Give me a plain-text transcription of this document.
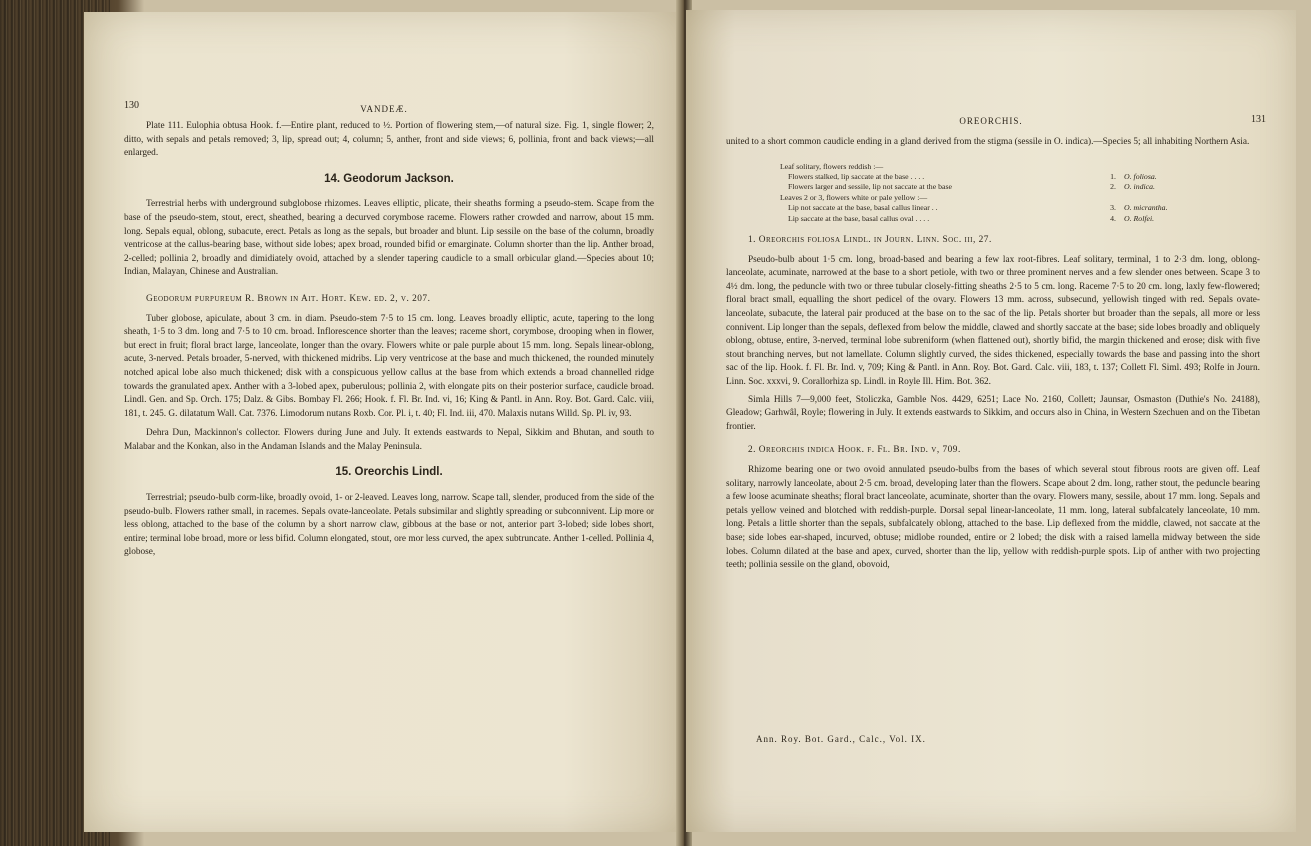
130	VANDEÆ.

Plate 111. Eulophia obtusa Hook. f.—Entire plant, reduced to ½. Portion of flowering stem,—of natural size. Fig. 1, single flower; 2, ditto, with sepals and petals removed; 3, lip, spread out; 4, column; 5, anther, front and side views; 6, pollinia, front and back views;—all enlarged.

14. Geodorum Jackson.

Terrestrial herbs with underground subglobose rhizomes. Leaves elliptic, plicate, their sheaths forming a pseudo-stem. Scape from the base of the pseudo-stem, stout, erect, sheathed, bearing a decurved corymbose raceme. Flowers rather crowded and narrow, about 15 mm. long. Sepals equal, oblong, subacute, erect. Petals as long as the sepals, but broader and blunt. Lip sessile on the base of the column, broadly ventricose at the callus-bearing base, without side lobes; apex broad, rounded bifid or emarginate. Column shorter than the lip. Anther broad, 2-celled; pollinia 2, broadly and dimidiately ovoid, attached by a slender tapering caudicle to a small orbicular gland.—Species about 10; Indian, Malayan, Chinese and Australian.

Geodorum purpureum R. Brown in Ait. Hort. Kew. ed. 2, v. 207.

Tuber globose, apiculate, about 3 cm. in diam. Pseudo-stem 7·5 to 15 cm. long. Leaves broadly elliptic, acute, tapering to the long sheath, 1·5 to 3 dm. long and 7·5 to 10 cm. broad. Inflorescence shorter than the leaves; raceme short, corymbose, drooping when in flower, but erect in fruit; floral bract large, lanceolate, longer than the ovary. Flowers white or pale purple about 15 mm. long. Sepals linear-oblong, acute, 3-nerved. Petals broader, 5-nerved, with thickened midribs. Lip very ventricose at the base and much thickened, the rounded minutely notched apical lobe also much thickened; disk with a conspicuous yellow callus at the base from which extends a broad channelled ridge towards the granulated apex. Anther with a 3-lobed apex, puberulous; pollinia 2, with elongate pits on their posterior surface, caudicle broad. Lindl. Gen. and Sp. Orch. 175; Dalz. & Gibs. Bombay Fl. 266; Hook. f. Fl. Br. Ind. vi, 16; King & Pantl. in Ann. Roy. Bot. Gard. Calc. viii, 181, t. 245. G. dilatatum Wall. Cat. 7376. Limodorum nutans Roxb. Cor. Pl. i, t. 40; Fl. Ind. iii, 470. Malaxis nutans Willd. Sp. Pl. iv, 93.

Dehra Dun, Mackinnon's collector. Flowers during June and July. It extends eastwards to Nepal, Sikkim and Bhutan, and south to Malabar and the Konkan, also in the Andaman Islands and the Malay Peninsula.

15. Oreorchis Lindl.

Terrestrial; pseudo-bulb corm-like, broadly ovoid, 1- or 2-leaved. Leaves long, narrow. Scape tall, slender, produced from the side of the pseudo-bulb. Flowers rather small, in racemes. Sepals ovate-lanceolate. Petals subsimilar and slightly spreading or subconnivent. Lip more or less oblong, attached to the base of the column by a short narrow claw, gibbous at the base or not, anterior part 3-lobed; side lobes short, entire; terminal lobe broad, more or less bifid. Column elongated, stout, ore mor less curved, the apex subtruncate. Anther 1-celled. Pollinia 4, globose,

OREORCHIS.	131

united to a short common caudicle ending in a gland derived from the stigma (sessile in O. indica).—Species 5; all inhabiting Northern Asia.

Leaf solitary, flowers reddish :—
Flowers stalked, lip saccate at the base . . . .	1.	O. foliosa.
Flowers larger and sessile, lip not saccate at the base	2.	O. indica.
Leaves 2 or 3, flowers white or pale yellow :—
Lip not saccate at the base, basal callus linear . .	3.	O. micrantha.
Lip saccate at the base, basal callus oval . . . .	4.	O. Rolfei.

1. Oreorchis foliosa Lindl. in Journ. Linn. Soc. iii, 27.

Pseudo-bulb about 1·5 cm. long, broad-based and bearing a few lax root-fibres. Leaf solitary, terminal, 1 to 2·3 dm. long, oblong-lanceolate, acuminate, narrowed at the base to a short petiole, with two or three prominent nerves and a few slender ones between. Scape 3 to 4½ dm. long, the peduncle with two or three tubular closely-fitting sheaths 2·5 to 5 cm. long. Raceme 7·5 to 20 cm. long, laxly few-flowered; floral bract small, equalling the short pedicel of the ovary. Flowers 13 mm. across, subsecund, yellowish tinged with red. Sepals ovate-lanceolate, subacute, the lateral pair produced at the base on to the sac of the lip. Petals shorter but broader than the sepals, all more or less connivent. Lip longer than the sepals, deflexed from below the middle, clawed and shortly saccate at the base; side lobes broadly and obliquely oblong, obtuse, entire, 3-nerved, terminal lobe subreniform (when flattened out), shortly bifid, the margin thickened and erose; disk with five stout branching nerves, but not lamellate. Column slightly curved, the sides thickened, especially towards the base and passing into the short sac of the lip. Hook. f. Fl. Br. Ind. v, 709; King & Pantl. in Ann. Roy. Bot. Gard. Calc. viii, 183, t. 137; Collett Fl. Siml. 493; Rolfe in Journ. Linn. Soc. xxxvi, 9. Corallorhiza sp. Lindl. in Royle Ill. Him. Bot. 362.

Simla Hills 7—9,000 feet, Stoliczka, Gamble Nos. 4429, 6251; Lace No. 2160, Collett; Jaunsar, Osmaston (Duthie's No. 24188), Gleadow; Garhwâl, Royle; flowering in July. It extends eastwards to Sikkim, and occurs also in China, in Western Szechuen and on the Tibetan frontier.

2. Oreorchis indica Hook. f. Fl. Br. Ind. v, 709.

Rhizome bearing one or two ovoid annulated pseudo-bulbs from the bases of which several stout fibrous roots are given off. Leaf solitary, narrowly lanceolate, about 2·5 cm. broad, developing later than the flowers. Scape about 2 dm. long, rather stout, the peduncle bearing a few loose acuminate sheaths; floral bract lanceolate, acuminate, shorter than the ovary. Flowers many, sessile, about 17 mm. long. Sepals and petals yellow veined and blotched with reddish-purple. Dorsal sepal linear-lanceolate, 11 mm. long, lateral subfalcately lanceolate, 10 mm. long. Petals a little shorter than the sepals, subfalcately oblong, attached to the base. Lip deflexed from the middle, clawed, not saccate at the base; side lobes ear-shaped, incurved, obtuse; midlobe rounded, entire or 2 lobed; the disk with a raised lamella midway between the side lobes. Column dilated at the base and apex, curved, shorter than the lip, yellow with reddish-purple spots. Lip of anther with two projecting teeth; pollinia sessile on the gland, obovoid,

Ann. Roy. Bot. Gard., Calc., Vol. IX.
